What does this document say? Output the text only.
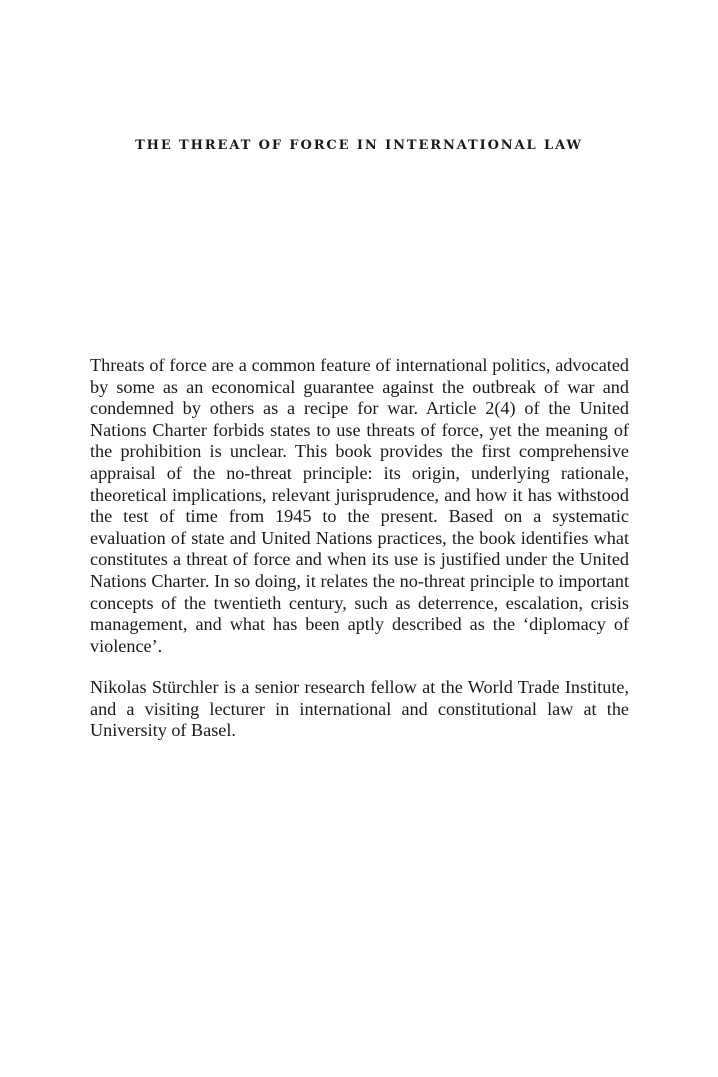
THE THREAT OF FORCE IN INTERNATIONAL LAW

Threats of force are a common feature of international politics, advocated by some as an economical guarantee against the outbreak of war and condemned by others as a recipe for war. Article 2(4) of the United Nations Charter forbids states to use threats of force, yet the meaning of the prohibition is unclear. This book provides the first comprehensive appraisal of the no-threat principle: its origin, underlying rationale, theoretical implications, relevant jurisprudence, and how it has withstood the test of time from 1945 to the present. Based on a systematic evaluation of state and United Nations practices, the book identifies what constitutes a threat of force and when its use is justified under the United Nations Charter. In so doing, it relates the no-threat principle to important concepts of the twentieth century, such as deterrence, escalation, crisis management, and what has been aptly described as the ‘diplomacy of violence’.

Nikolas Stürchler is a senior research fellow at the World Trade Institute, and a visiting lecturer in international and constitutional law at the University of Basel.
